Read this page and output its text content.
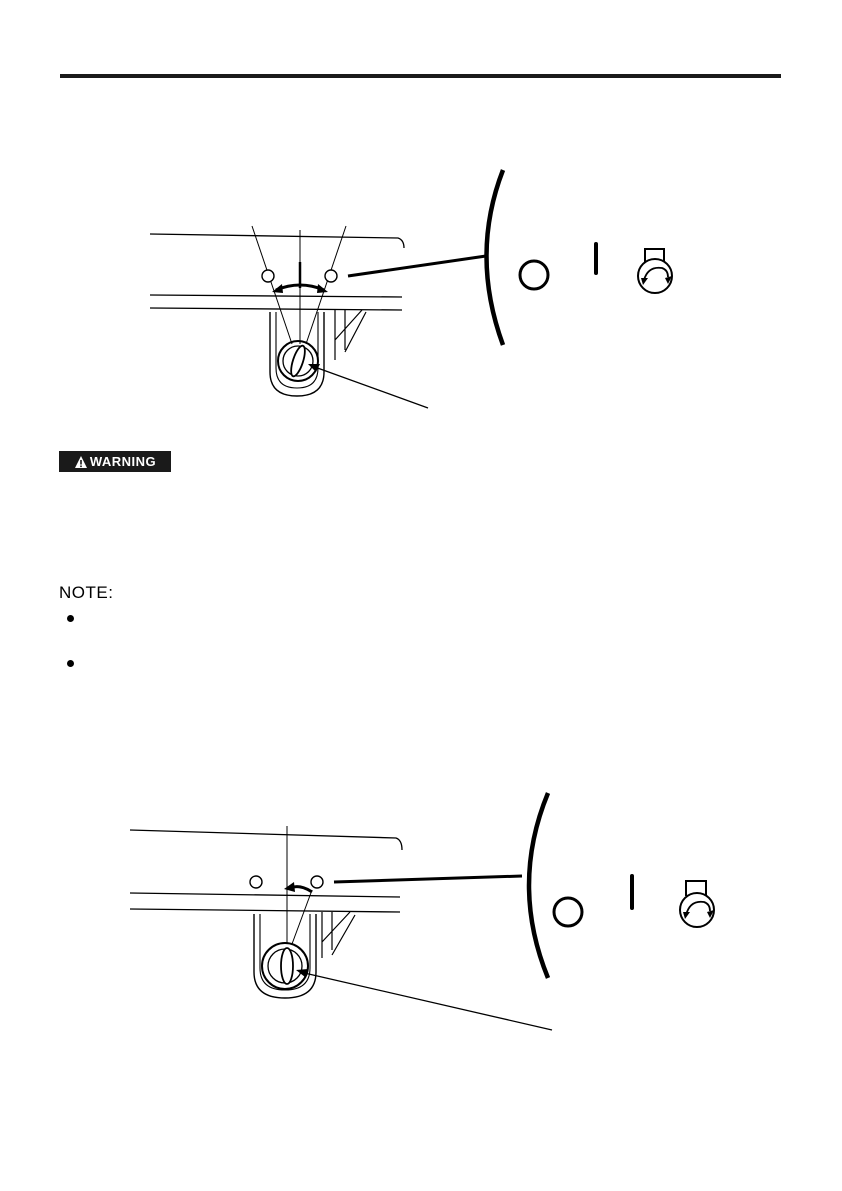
WARNING
NOTE:
